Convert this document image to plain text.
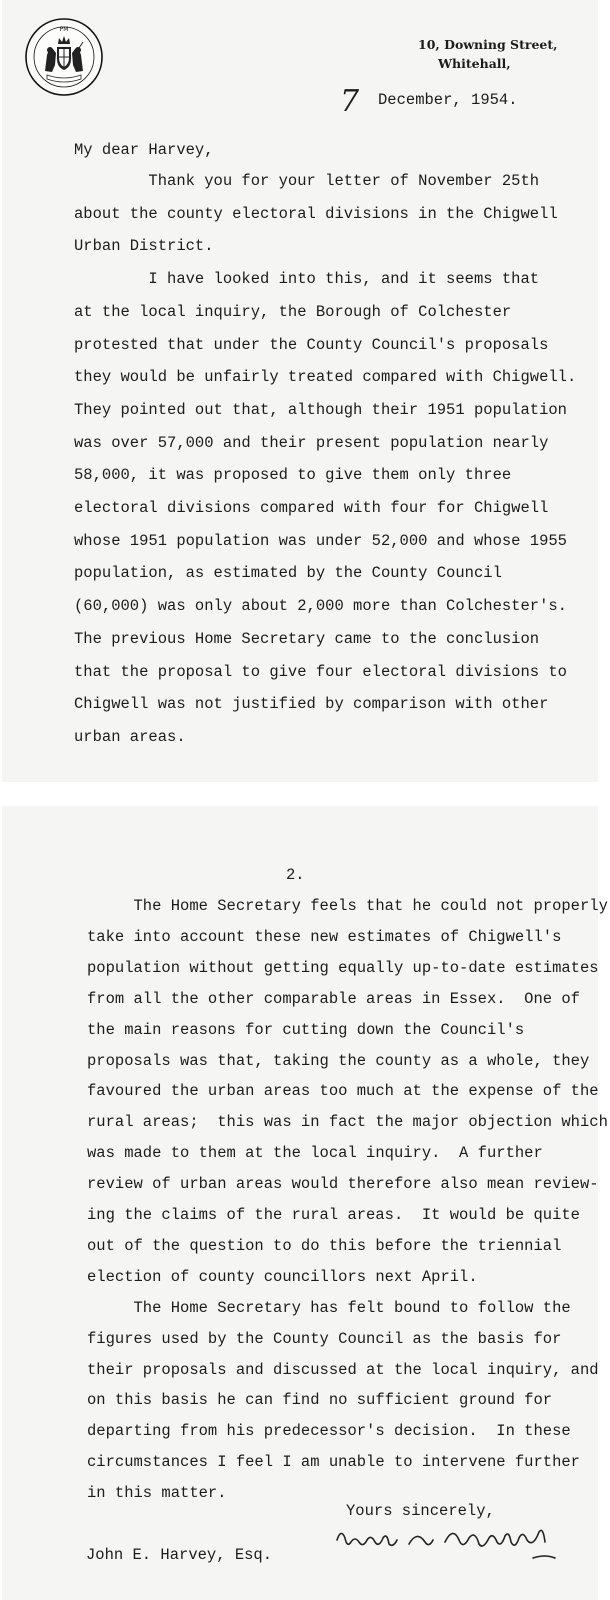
PM
10, Downing Street,
Whitehall,
7 December, 1954.
My dear Harvey,
Thank you for your letter of November 25th
about the county electoral divisions in the Chigwell
Urban District.
I have looked into this, and it seems that
at the local inquiry, the Borough of Colchester
protested that under the County Council's proposals
they would be unfairly treated compared with Chigwell.
They pointed out that, although their 1951 population
was over 57,000 and their present population nearly
58,000, it was proposed to give them only three
electoral divisions compared with four for Chigwell
whose 1951 population was under 52,000 and whose 1955
population, as estimated by the County Council
(60,000) was only about 2,000 more than Colchester's.
The previous Home Secretary came to the conclusion
that the proposal to give four electoral divisions to
Chigwell was not justified by comparison with other
urban areas.
2.
The Home Secretary feels that he could not properly
take into account these new estimates of Chigwell's
population without getting equally up-to-date estimates
from all the other comparable areas in Essex.  One of
the main reasons for cutting down the Council's
proposals was that, taking the county as a whole, they
favoured the urban areas too much at the expense of the
rural areas;  this was in fact the major objection which
was made to them at the local inquiry.  A further
review of urban areas would therefore also mean review-
ing the claims of the rural areas.  It would be quite
out of the question to do this before the triennial
election of county councillors next April.
The Home Secretary has felt bound to follow the
figures used by the County Council as the basis for
their proposals and discussed at the local inquiry, and
on this basis he can find no sufficient ground for
departing from his predecessor's decision.  In these
circumstances I feel I am unable to intervene further
in this matter.
Yours sincerely,
John E. Harvey, Esq.
